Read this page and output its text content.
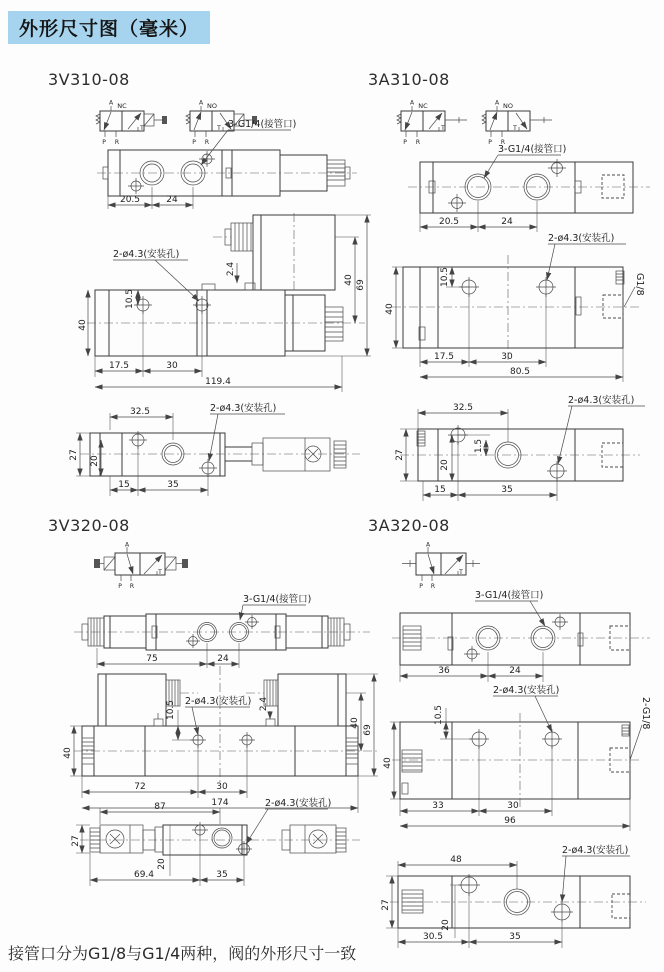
外形尺寸图（毫米）
3V310-08	3A310-08
3V320-08	3A320-08
NC
A
P R
T
NO
A
P R
T 3-G1/4(接管口)
20.5	24
2-ø4.3(安装孔)
10.5
40
2.4
40 69
17.5	30
119.4
2-ø4.3(安装孔)
32.5
27
20
15	35
NC
A
P R
T
NO
A
P R
T
3-G1/4(接管口)
20.5	24
G1/8
2-ø4.3(安装孔)
10.5
40
17.5	30
80.5
2-ø4.3(安装孔)
32.5
1.5
27
20
15	35
A
P R
T
3-G1/4(接管口)
75	24
2-ø4.3(安装孔)
40
10.5	2.4
40
69
72	30
174
87	2-ø4.3(安装孔)
27
20
69.4	35
A
P R
T
3-G1/4(接管口)
36	24
2-G1/8
2-ø4.3(安装孔)
10.5
40
33	30
96
48
2-ø4.3(安装孔)
27
20
30.5	35
接管口分为G1/8与G1/4两种，阀的外形尺寸一致
